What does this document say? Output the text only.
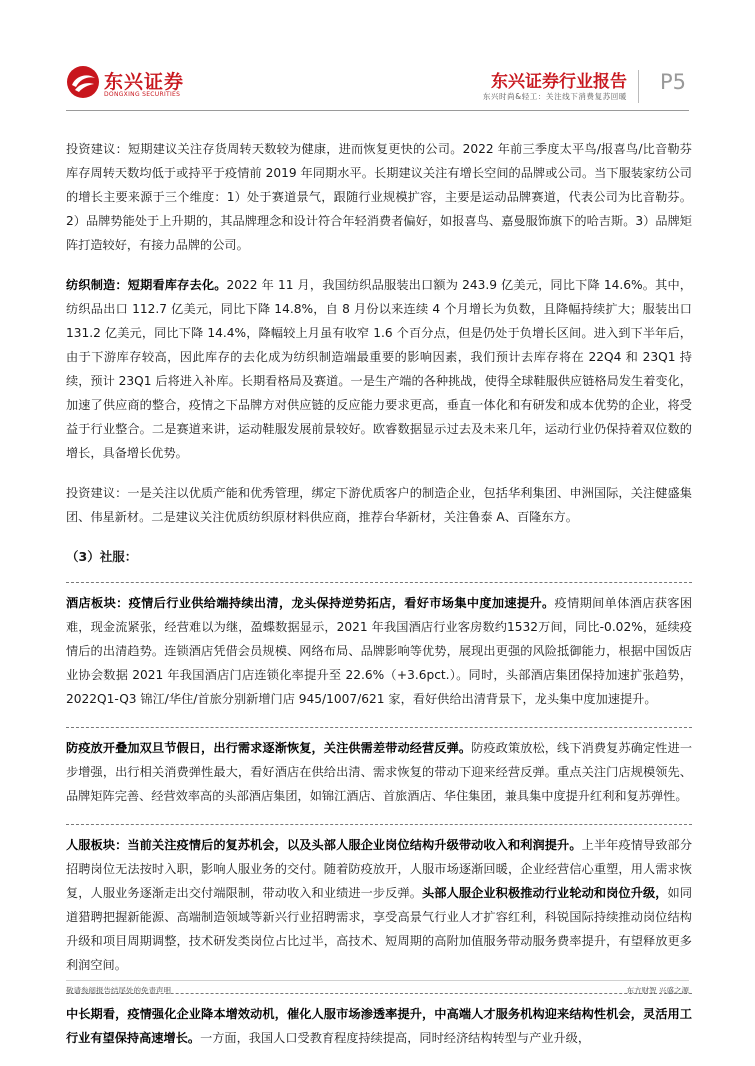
东兴证券
DONGXING SECURITIES
东兴证券行业报告
东兴时尚&轻工：关注线下消费复苏回暖
P5

投资建议：短期建议关注存货周转天数较为健康，进而恢复更快的公司。2022 年前三季度太平鸟/报喜鸟/比音勒芬库存周转天数均低于或持平于疫情前 2019 年同期水平。长期建议关注有增长空间的品牌或公司。当下服装家纺公司的增长主要来源于三个维度：1）处于赛道景气，跟随行业规模扩容，主要是运动品牌赛道，代表公司为比音勒芬。2）品牌势能处于上升期的，其品牌理念和设计符合年轻消费者偏好，如报喜鸟、嘉曼服饰旗下的哈吉斯。3）品牌矩阵打造较好，有接力品牌的公司。

纺织制造：短期看库存去化。2022 年 11 月，我国纺织品服装出口额为 243.9 亿美元，同比下降 14.6%。其中，纺织品出口 112.7 亿美元，同比下降 14.8%，自 8 月份以来连续 4 个月增长为负数，且降幅持续扩大；服装出口 131.2 亿美元，同比下降 14.4%，降幅较上月虽有收窄 1.6 个百分点，但是仍处于负增长区间。进入到下半年后，由于下游库存较高，因此库存的去化成为纺织制造端最重要的影响因素，我们预计去库存将在 22Q4 和 23Q1 持续，预计 23Q1 后将进入补库。长期看格局及赛道。一是生产端的各种挑战，使得全球鞋服供应链格局发生着变化，加速了供应商的整合，疫情之下品牌方对供应链的反应能力要求更高，垂直一体化和有研发和成本优势的企业，将受益于行业整合。二是赛道来讲，运动鞋服发展前景较好。欧睿数据显示过去及未来几年，运动行业仍保持着双位数的增长，具备增长优势。

投资建议：一是关注以优质产能和优秀管理，绑定下游优质客户的制造企业，包括华利集团、申洲国际，关注健盛集团、伟星新材。二是建议关注优质纺织原材料供应商，推荐台华新材，关注鲁泰 A、百隆东方。

（3）社服：

酒店板块：疫情后行业供给端持续出清，龙头保持逆势拓店，看好市场集中度加速提升。疫情期间单体酒店获客困难，现金流紧张，经营难以为继，盈蝶数据显示，2021 年我国酒店行业客房数约1532万间，同比-0.02%，延续疫情后的出清趋势。连锁酒店凭借会员规模、网络布局、品牌影响等优势，展现出更强的风险抵御能力，根据中国饭店业协会数据 2021 年我国酒店门店连锁化率提升至 22.6%（+3.6pct.）。同时，头部酒店集团保持加速扩张趋势，2022Q1-Q3 锦江/华住/首旅分别新增门店 945/1007/621 家，看好供给出清背景下，龙头集中度加速提升。

防疫放开叠加双旦节假日，出行需求逐渐恢复，关注供需差带动经营反弹。防疫政策放松，线下消费复苏确定性进一步增强，出行相关消费弹性最大，看好酒店在供给出清、需求恢复的带动下迎来经营反弹。重点关注门店规模领先、品牌矩阵完善、经营效率高的头部酒店集团，如锦江酒店、首旅酒店、华住集团，兼具集中度提升红利和复苏弹性。

人服板块：当前关注疫情后的复苏机会，以及头部人服企业岗位结构升级带动收入和利润提升。上半年疫情导致部分招聘岗位无法按时入职，影响人服业务的交付。随着防疫放开，人服市场逐渐回暖，企业经营信心重塑，用人需求恢复，人服业务逐渐走出交付端限制，带动收入和业绩进一步反弹。头部人服企业积极推动行业轮动和岗位升级，如同道猎聘把握新能源、高端制造领域等新兴行业招聘需求，享受高景气行业人才扩容红利，科锐国际持续推动岗位结构升级和项目周期调整，技术研发类岗位占比过半，高技术、短周期的高附加值服务带动服务费率提升，有望释放更多利润空间。

中长期看，疫情强化企业降本增效动机，催化人服市场渗透率提升，中高端人才服务机构迎来结构性机会，灵活用工行业有望保持高速增长。一方面，我国人口受教育程度持续提高，同时经济结构转型与产业升级，

敬请参阅报告结尾处的免责声明	东方财智 兴盛之源
